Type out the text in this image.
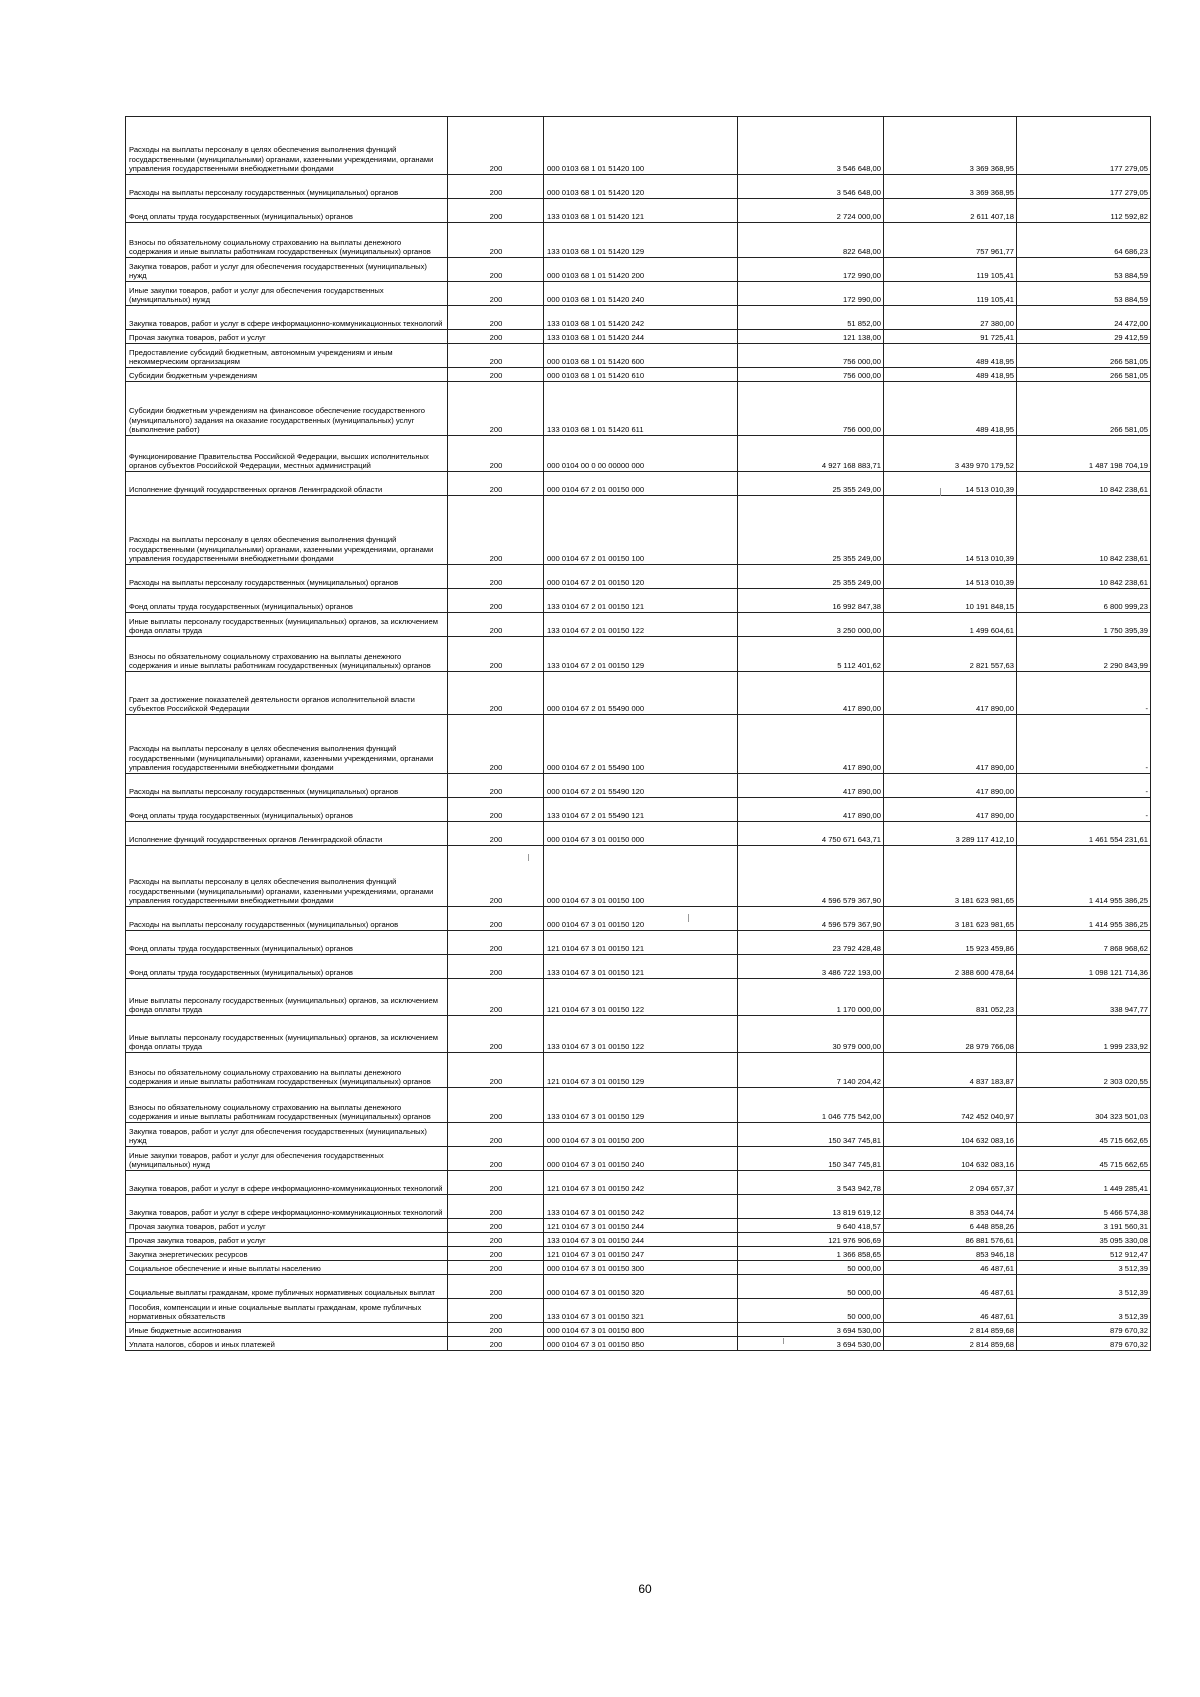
Расходы на выплаты персоналу в целях обеспечения выполнения функций государственными (муниципальными) органами, казенными учреждениями, органами управления государственными внебюджетными фондами	200	000 0103 68 1 01 51420 100	3 546 648,00	3 369 368,95	177 279,05
Расходы на выплаты персоналу государственных (муниципальных) органов	200	000 0103 68 1 01 51420 120	3 546 648,00	3 369 368,95	177 279,05
Фонд оплаты труда государственных (муниципальных) органов	200	133 0103 68 1 01 51420 121	2 724 000,00	2 611 407,18	112 592,82
Взносы по обязательному социальному страхованию на выплаты денежного содержания и иные выплаты работникам государственных (муниципальных) органов	200	133 0103 68 1 01 51420 129	822 648,00	757 961,77	64 686,23
Закупка товаров, работ и услуг для обеспечения государственных (муниципальных) нужд	200	000 0103 68 1 01 51420 200	172 990,00	119 105,41	53 884,59
Иные закупки товаров, работ и услуг для обеспечения государственных (муниципальных) нужд	200	000 0103 68 1 01 51420 240	172 990,00	119 105,41	53 884,59
Закупка товаров, работ и услуг в сфере информационно-коммуникационных технологий	200	133 0103 68 1 01 51420 242	51 852,00	27 380,00	24 472,00
Прочая закупка товаров, работ и услуг	200	133 0103 68 1 01 51420 244	121 138,00	91 725,41	29 412,59
Предоставление субсидий бюджетным, автономным учреждениям и иным некоммерческим организациям	200	000 0103 68 1 01 51420 600	756 000,00	489 418,95	266 581,05
Субсидии бюджетным учреждениям	200	000 0103 68 1 01 51420 610	756 000,00	489 418,95	266 581,05
Субсидии бюджетным учреждениям на финансовое обеспечение государственного (муниципального) задания на оказание государственных (муниципальных) услуг (выполнение работ)	200	133 0103 68 1 01 51420 611	756 000,00	489 418,95	266 581,05
Функционирование Правительства Российской Федерации, высших исполнительных органов субъектов Российской Федерации, местных администраций	200	000 0104 00 0 00 00000 000	4 927 168 883,71	3 439 970 179,52	1 487 198 704,19
Исполнение функций государственных органов Ленинградской области	200	000 0104 67 2 01 00150 000	25 355 249,00	14 513 010,39	10 842 238,61
Расходы на выплаты персоналу в целях обеспечения выполнения функций государственными (муниципальными) органами, казенными учреждениями, органами управления государственными внебюджетными фондами	200	000 0104 67 2 01 00150 100	25 355 249,00	14 513 010,39	10 842 238,61
Расходы на выплаты персоналу государственных (муниципальных) органов	200	000 0104 67 2 01 00150 120	25 355 249,00	14 513 010,39	10 842 238,61
Фонд оплаты труда государственных (муниципальных) органов	200	133 0104 67 2 01 00150 121	16 992 847,38	10 191 848,15	6 800 999,23
Иные выплаты персоналу государственных (муниципальных) органов, за исключением фонда оплаты труда	200	133 0104 67 2 01 00150 122	3 250 000,00	1 499 604,61	1 750 395,39
Взносы по обязательному социальному страхованию на выплаты денежного содержания и иные выплаты работникам государственных (муниципальных) органов	200	133 0104 67 2 01 00150 129	5 112 401,62	2 821 557,63	2 290 843,99
Грант за достижение показателей деятельности органов исполнительной власти субъектов Российской Федерации	200	000 0104 67 2 01 55490 000	417 890,00	417 890,00	-
Расходы на выплаты персоналу в целях обеспечения выполнения функций государственными (муниципальными) органами, казенными учреждениями, органами управления государственными внебюджетными фондами	200	000 0104 67 2 01 55490 100	417 890,00	417 890,00	-
Расходы на выплаты персоналу государственных (муниципальных) органов	200	000 0104 67 2 01 55490 120	417 890,00	417 890,00	-
Фонд оплаты труда государственных (муниципальных) органов	200	133 0104 67 2 01 55490 121	417 890,00	417 890,00	-
Исполнение функций государственных органов Ленинградской области	200	000 0104 67 3 01 00150 000	4 750 671 643,71	3 289 117 412,10	1 461 554 231,61
Расходы на выплаты персоналу в целях обеспечения выполнения функций государственными (муниципальными) органами, казенными учреждениями, органами управления государственными внебюджетными фондами	200	000 0104 67 3 01 00150 100	4 596 579 367,90	3 181 623 981,65	1 414 955 386,25
Расходы на выплаты персоналу государственных (муниципальных) органов	200	000 0104 67 3 01 00150 120	4 596 579 367,90	3 181 623 981,65	1 414 955 386,25
Фонд оплаты труда государственных (муниципальных) органов	200	121 0104 67 3 01 00150 121	23 792 428,48	15 923 459,86	7 868 968,62
Фонд оплаты труда государственных (муниципальных) органов	200	133 0104 67 3 01 00150 121	3 486 722 193,00	2 388 600 478,64	1 098 121 714,36
Иные выплаты персоналу государственных (муниципальных) органов, за исключением фонда оплаты труда	200	121 0104 67 3 01 00150 122	1 170 000,00	831 052,23	338 947,77
Иные выплаты персоналу государственных (муниципальных) органов, за исключением фонда оплаты труда	200	133 0104 67 3 01 00150 122	30 979 000,00	28 979 766,08	1 999 233,92
Взносы по обязательному социальному страхованию на выплаты денежного содержания и иные выплаты работникам государственных (муниципальных) органов	200	121 0104 67 3 01 00150 129	7 140 204,42	4 837 183,87	2 303 020,55
Взносы по обязательному социальному страхованию на выплаты денежного содержания и иные выплаты работникам государственных (муниципальных) органов	200	133 0104 67 3 01 00150 129	1 046 775 542,00	742 452 040,97	304 323 501,03
Закупка товаров, работ и услуг для обеспечения государственных (муниципальных) нужд	200	000 0104 67 3 01 00150 200	150 347 745,81	104 632 083,16	45 715 662,65
Иные закупки товаров, работ и услуг для обеспечения государственных (муниципальных) нужд	200	000 0104 67 3 01 00150 240	150 347 745,81	104 632 083,16	45 715 662,65
Закупка товаров, работ и услуг в сфере информационно-коммуникационных технологий	200	121 0104 67 3 01 00150 242	3 543 942,78	2 094 657,37	1 449 285,41
Закупка товаров, работ и услуг в сфере информационно-коммуникационных технологий	200	133 0104 67 3 01 00150 242	13 819 619,12	8 353 044,74	5 466 574,38
Прочая закупка товаров, работ и услуг	200	121 0104 67 3 01 00150 244	9 640 418,57	6 448 858,26	3 191 560,31
Прочая закупка товаров, работ и услуг	200	133 0104 67 3 01 00150 244	121 976 906,69	86 881 576,61	35 095 330,08
Закупка энергетических ресурсов	200	121 0104 67 3 01 00150 247	1 366 858,65	853 946,18	512 912,47
Социальное обеспечение и иные выплаты населению	200	000 0104 67 3 01 00150 300	50 000,00	46 487,61	3 512,39
Социальные выплаты гражданам, кроме публичных нормативных социальных выплат	200	000 0104 67 3 01 00150 320	50 000,00	46 487,61	3 512,39
Пособия, компенсации и иные социальные выплаты гражданам, кроме публичных нормативных обязательств	200	133 0104 67 3 01 00150 321	50 000,00	46 487,61	3 512,39
Иные бюджетные ассигнования	200	000 0104 67 3 01 00150 800	3 694 530,00	2 814 859,68	879 670,32
Уплата налогов, сборов и иных платежей	200	000 0104 67 3 01 00150 850	3 694 530,00	2 814 859,68	879 670,32
60
